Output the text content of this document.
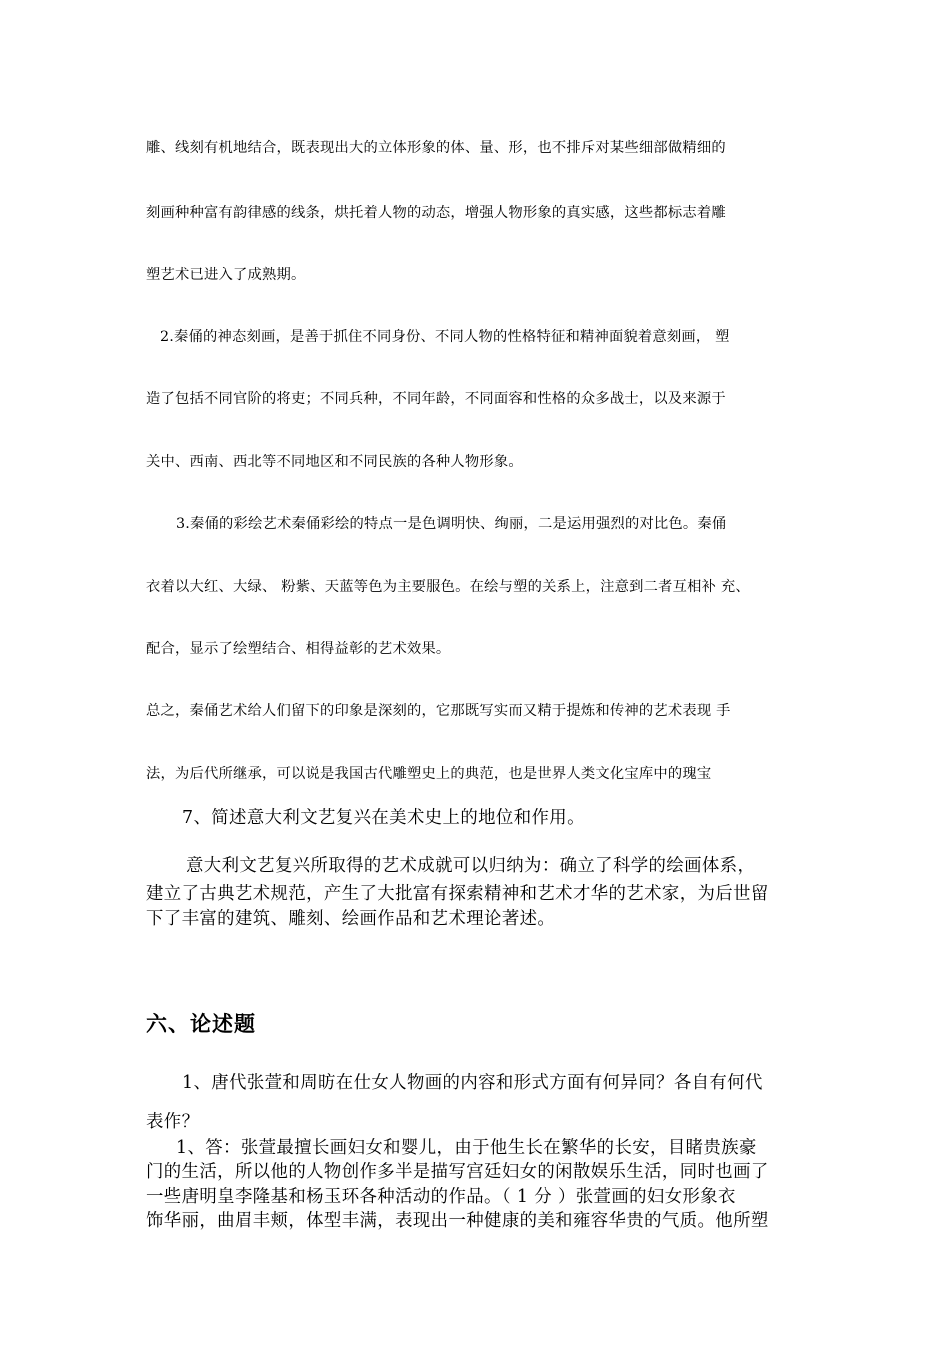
雕、线刻有机地结合，既表现出大的立体形象的体、量、形，也不排斥对某些细部做精细的

刻画种种富有韵律感的线条，烘托着人物的动态，增强人物形象的真实感，这些都标志着雕

塑艺术已进入了成熟期。

2.秦俑的神态刻画，是善于抓住不同身份、不同人物的性格特征和精神面貌着意刻画， 塑

造了包括不同官阶的将吏；不同兵种，不同年龄，不同面容和性格的众多战士，以及来源于

关中、西南、西北等不同地区和不同民族的各种人物形象。

3.秦俑的彩绘艺术秦俑彩绘的特点一是色调明快、绚丽，二是运用强烈的对比色。秦俑

衣着以大红、大绿、 粉紫、天蓝等色为主要服色。在绘与塑的关系上，注意到二者互相补 充、

配合，显示了绘塑结合、相得益彰的艺术效果。

总之，秦俑艺术给人们留下的印象是深刻的，它那既写实而又精于提炼和传神的艺术表现 手

法，为后代所继承，可以说是我国古代雕塑史上的典范，也是世界人类文化宝库中的瑰宝

7、简述意大利文艺复兴在美术史上的地位和作用。

意大利文艺复兴所取得的艺术成就可以归纳为：确立了科学的绘画体系，

建立了古典艺术规范，产生了大批富有探索精神和艺术才华的艺术家，为后世留

下了丰富的建筑、雕刻、绘画作品和艺术理论著述。

六、论述题

1、唐代张萱和周昉在仕女人物画的内容和形式方面有何异同？各自有何代

表作？

1、答：张萱最擅长画妇女和婴儿，由于他生长在繁华的长安，目睹贵族豪

门的生活，所以他的人物创作多半是描写宫廷妇女的闲散娱乐生活，同时也画了

一些唐明皇李隆基和杨玉环各种活动的作品。（ 1 分 ）张萱画的妇女形象衣

饰华丽，曲眉丰颊，体型丰满，表现出一种健康的美和雍容华贵的气质。他所塑
